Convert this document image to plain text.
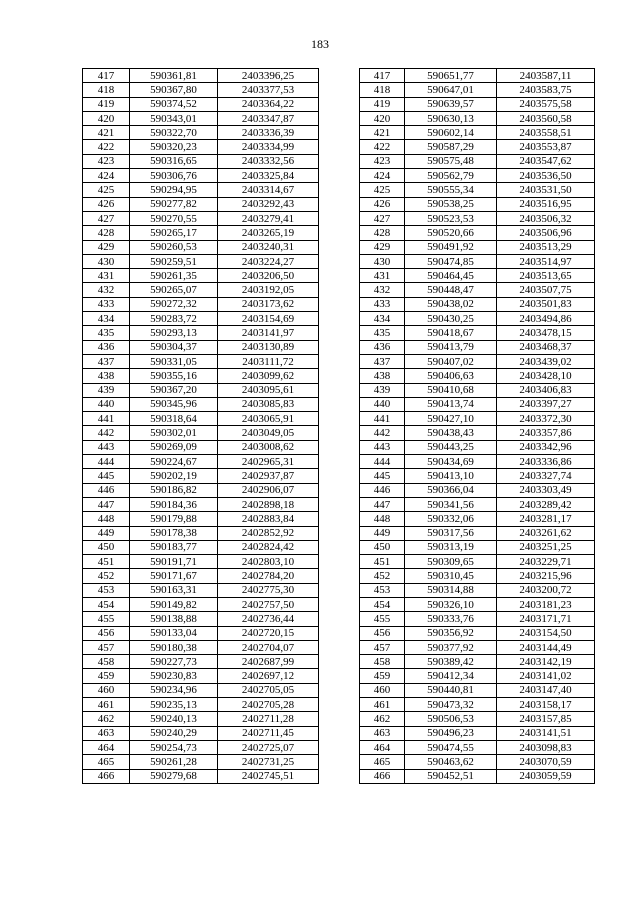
183
417	590361,81	2403396,25		417	590651,77	2403587,11
418	590367,80	2403377,53		418	590647,01	2403583,75
419	590374,52	2403364,22		419	590639,57	2403575,58
420	590343,01	2403347,87		420	590630,13	2403560,58
421	590322,70	2403336,39		421	590602,14	2403558,51
422	590320,23	2403334,99		422	590587,29	2403553,87
423	590316,65	2403332,56		423	590575,48	2403547,62
424	590306,76	2403325,84		424	590562,79	2403536,50
425	590294,95	2403314,67		425	590555,34	2403531,50
426	590277,82	2403292,43		426	590538,25	2403516,95
427	590270,55	2403279,41		427	590523,53	2403506,32
428	590265,17	2403265,19		428	590520,66	2403506,96
429	590260,53	2403240,31		429	590491,92	2403513,29
430	590259,51	2403224,27		430	590474,85	2403514,97
431	590261,35	2403206,50		431	590464,45	2403513,65
432	590265,07	2403192,05		432	590448,47	2403507,75
433	590272,32	2403173,62		433	590438,02	2403501,83
434	590283,72	2403154,69		434	590430,25	2403494,86
435	590293,13	2403141,97		435	590418,67	2403478,15
436	590304,37	2403130,89		436	590413,79	2403468,37
437	590331,05	2403111,72		437	590407,02	2403439,02
438	590355,16	2403099,62		438	590406,63	2403428,10
439	590367,20	2403095,61		439	590410,68	2403406,83
440	590345,96	2403085,83		440	590413,74	2403397,27
441	590318,64	2403065,91		441	590427,10	2403372,30
442	590302,01	2403049,05		442	590438,43	2403357,86
443	590269,09	2403008,62		443	590443,25	2403342,96
444	590224,67	2402965,31		444	590434,69	2403336,86
445	590202,19	2402937,87		445	590413,10	2403327,74
446	590186,82	2402906,07		446	590366,04	2403303,49
447	590184,36	2402898,18		447	590341,56	2403289,42
448	590179,88	2402883,84		448	590332,06	2403281,17
449	590178,38	2402852,92		449	590317,56	2403261,62
450	590183,77	2402824,42		450	590313,19	2403251,25
451	590191,71	2402803,10		451	590309,65	2403229,71
452	590171,67	2402784,20		452	590310,45	2403215,96
453	590163,31	2402775,30		453	590314,88	2403200,72
454	590149,82	2402757,50		454	590326,10	2403181,23
455	590138,88	2402736,44		455	590333,76	2403171,71
456	590133,04	2402720,15		456	590356,92	2403154,50
457	590180,38	2402704,07		457	590377,92	2403144,49
458	590227,73	2402687,99		458	590389,42	2403142,19
459	590230,83	2402697,12		459	590412,34	2403141,02
460	590234,96	2402705,05		460	590440,81	2403147,40
461	590235,13	2402705,28		461	590473,32	2403158,17
462	590240,13	2402711,28		462	590506,53	2403157,85
463	590240,29	2402711,45		463	590496,23	2403141,51
464	590254,73	2402725,07		464	590474,55	2403098,83
465	590261,28	2402731,25		465	590463,62	2403070,59
466	590279,68	2402745,51		466	590452,51	2403059,59
